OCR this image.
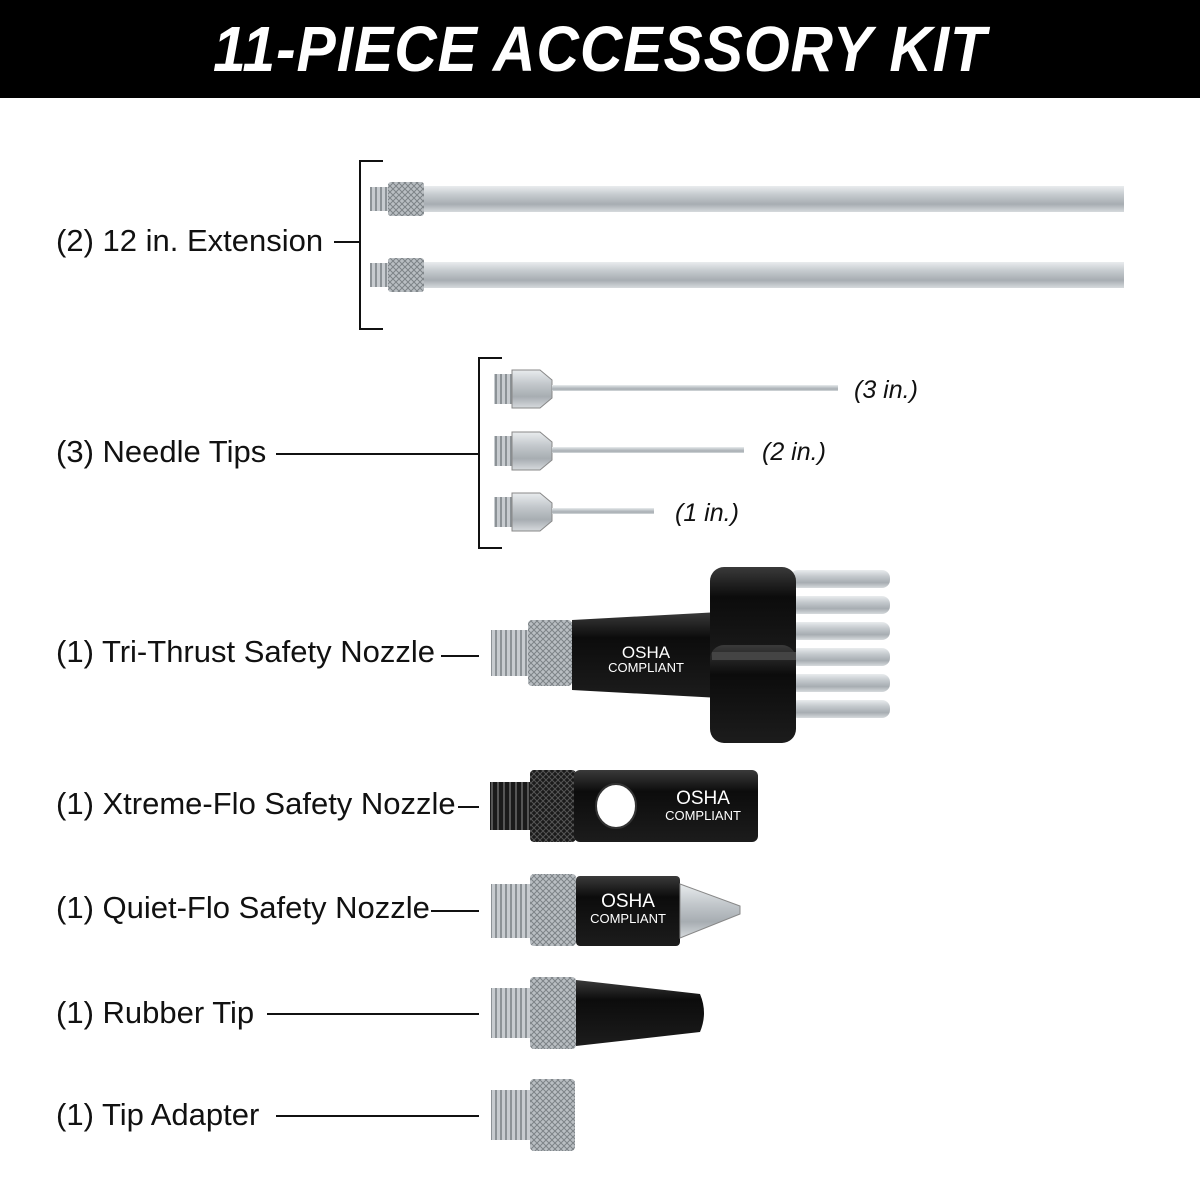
11-PIECE ACCESSORY KIT
(2) 12 in. Extension
(3) Needle Tips
(1) Tri-Thrust Safety Nozzle
(1) Xtreme-Flo Safety Nozzle
(1) Quiet-Flo Safety Nozzle
(1) Rubber Tip
(1) Tip Adapter
(3 in.)
(2 in.)
(1 in.)
OSHA
COMPLIANT
OSHA
COMPLIANT
OSHA
COMPLIANT
